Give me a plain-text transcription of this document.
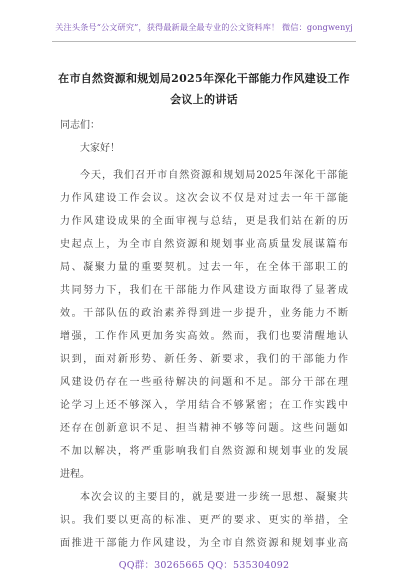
关注头条号“公文研究”，获得最新最全最专业的公文资料库！ 微信：gongwenyj
在市自然资源和规划局2025年深化干部能力作风建设工作
会议上的讲话
同志们：
大家好！
今天，我们召开市自然资源和规划局2025年深化干部能
力作风建设工作会议。这次会议不仅是对过去一年干部能
力作风建设成果的全面审视与总结，更是我们站在新的历
史起点上，为全市自然资源和规划事业高质量发展谋篇布
局、凝聚力量的重要契机。过去一年，在全体干部职工的
共同努力下，我们在干部能力作风建设方面取得了显著成
效。干部队伍的政治素养得到进一步提升，业务能力不断
增强，工作作风更加务实高效。然而，我们也要清醒地认
识到，面对新形势、新任务、新要求，我们的干部能力作
风建设仍存在一些亟待解决的问题和不足。部分干部在理
论学习上还不够深入，学用结合不够紧密；在工作实践中
还存在创新意识不足、担当精神不够等问题。这些问题如
不加以解决，将严重影响我们自然资源和规划事业的发展
进程。
本次会议的主要目的，就是要进一步统一思想、凝聚共
识。我们要以更高的标准、更严的要求、更实的举措，全
面推进干部能力作风建设，为全市自然资源和规划事业高
QQ群：30265665 QQ：535304092
